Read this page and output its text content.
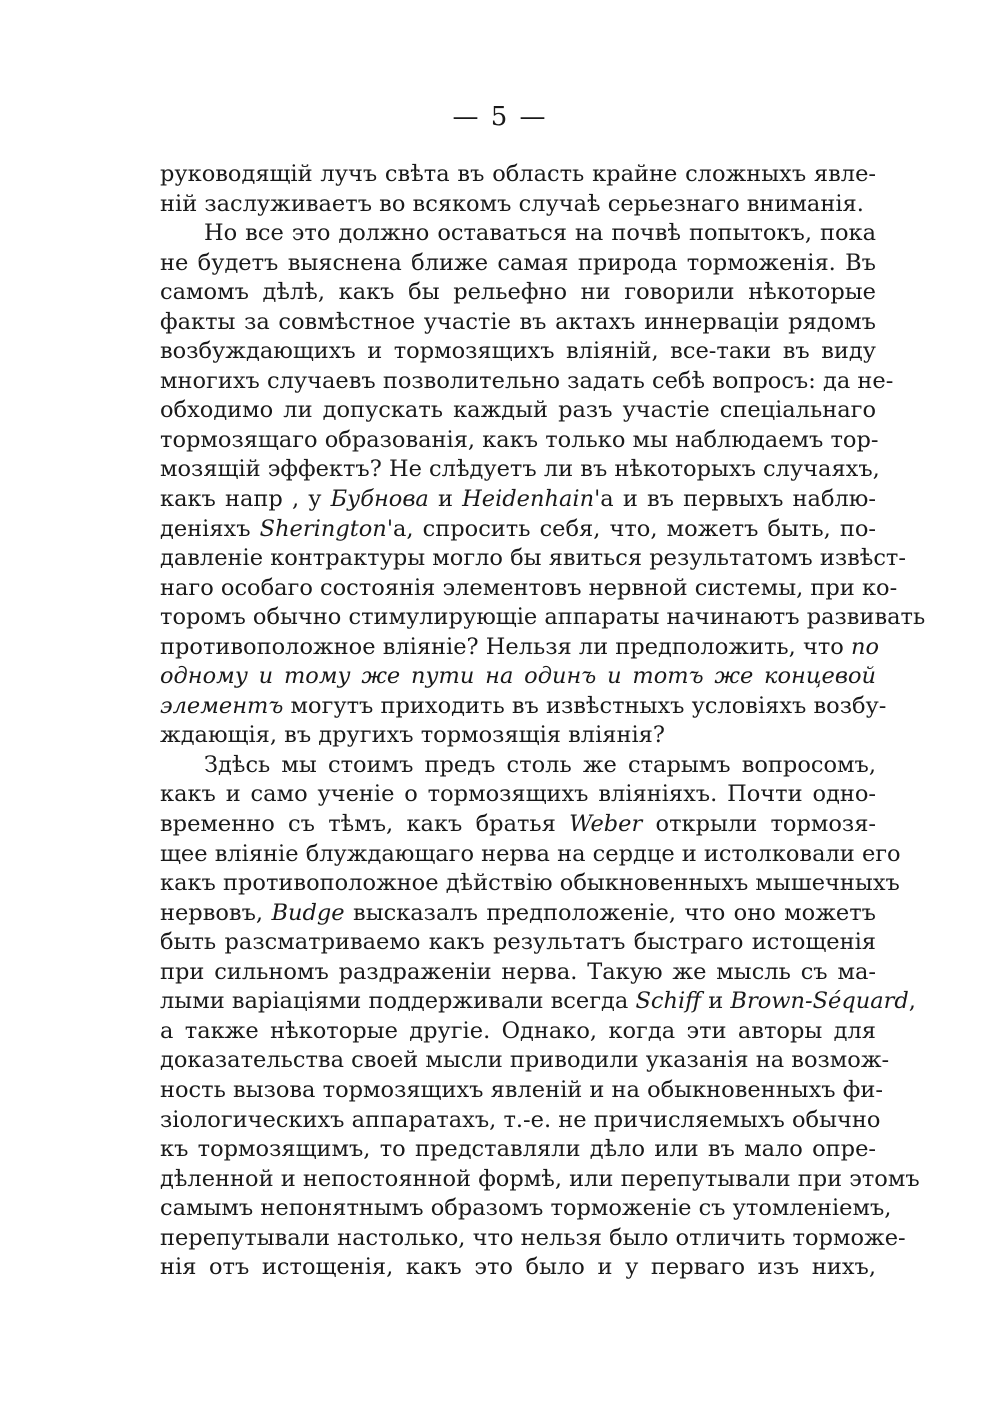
— 5 —
руководящій лучъ свѣта въ область крайне сложныхъ явле-
ній заслуживаетъ во всякомъ случаѣ серьезнаго вниманія.
Но все это должно оставаться на почвѣ попытокъ, пока
не будетъ выяснена ближе самая природа торможенія. Въ
самомъ дѣлѣ, какъ бы рельефно ни говорили нѣкоторые
факты за совмѣстное участіе въ актахъ иннерваціи рядомъ
возбуждающихъ и тормозящихъ вліяній, все-таки въ виду
многихъ случаевъ позволительно задать себѣ вопросъ: да не-
обходимо ли допускать каждый разъ участіе спеціальнаго
тормозящаго образованія, какъ только мы наблюдаемъ тор-
мозящій эффектъ? Не слѣдуетъ ли въ нѣкоторыхъ случаяхъ,
какъ напр , у Бубнова и Heidenhain'а и въ первыхъ наблю-
деніяхъ Sherington'а, спросить себя, что, можетъ быть, по-
давленіе контрактуры могло бы явиться результатомъ извѣст-
наго особаго состоянія элементовъ нервной системы, при ко-
торомъ обычно стимулирующіе аппараты начинаютъ развивать
противоположное вліяніе? Нельзя ли предположить, что по
одному и тому же пути на одинъ и тотъ же концевой
элементъ могутъ приходить въ извѣстныхъ условіяхъ возбу-
ждающія, въ другихъ тормозящія вліянія?
Здѣсь мы стоимъ предъ столь же старымъ вопросомъ,
какъ и само ученіе о тормозящихъ вліяніяхъ. Почти одно-
временно съ тѣмъ, какъ братья Weber открыли тормозя-
щее вліяніе блуждающаго нерва на сердце и истолковали его
какъ противоположное дѣйствію обыкновенныхъ мышечныхъ
нервовъ, Budge высказалъ предположеніе, что оно можетъ
быть разсматриваемо какъ результатъ быстраго истощенія
при сильномъ раздраженіи нерва. Такую же мысль съ ма-
лыми варіаціями поддерживали всегда Schiff и Brown-Séquard,
а также нѣкоторые другіе. Однако, когда эти авторы для
доказательства своей мысли приводили указанія на возмож-
ность вызова тормозящихъ явленій и на обыкновенныхъ фи-
зіологическихъ аппаратахъ, т.-е. не причисляемыхъ обычно
къ тормозящимъ, то представляли дѣло или въ мало опре-
дѣленной и непостоянной формѣ, или перепутывали при этомъ
самымъ непонятнымъ образомъ торможеніе съ утомленіемъ,
перепутывали настолько, что нельзя было отличить торможе-
нія отъ истощенія, какъ это было и у перваго изъ нихъ,
